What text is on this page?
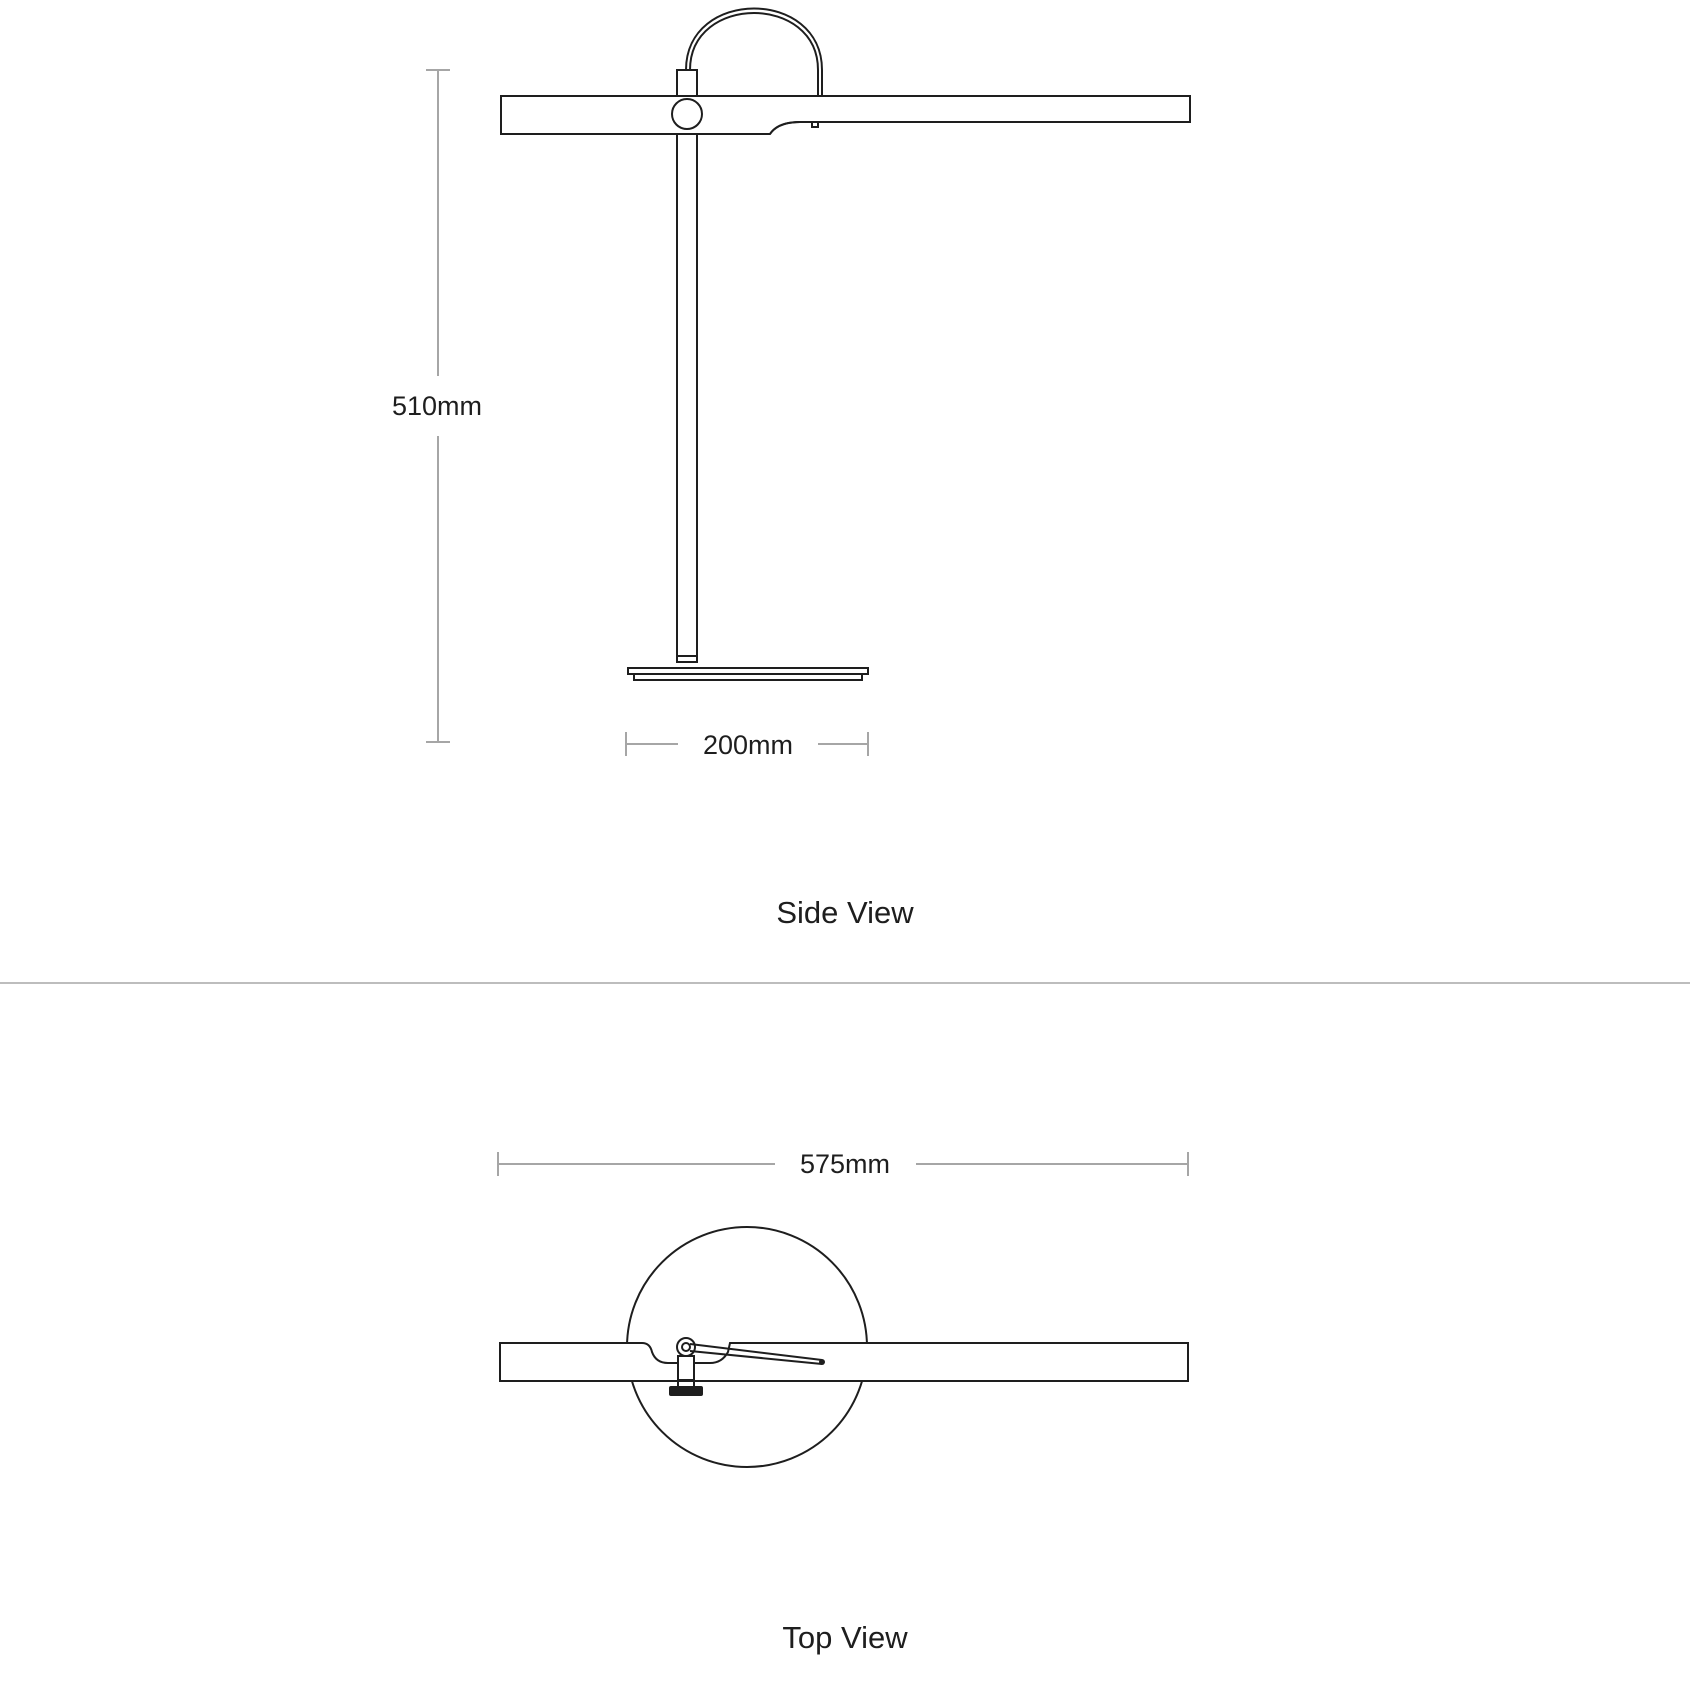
510mm
200mm
Side View
575mm
Top View
